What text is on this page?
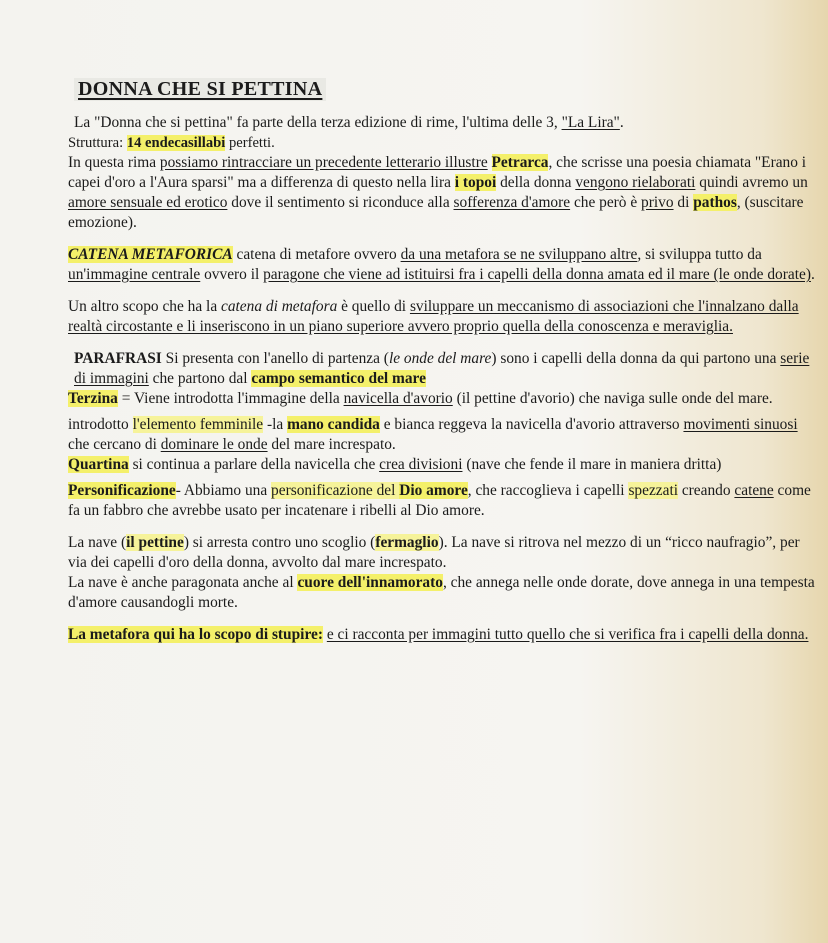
DONNA CHE SI PETTINA

La "Donna che si pettina" fa parte della terza edizione di rime, l'ultima delle 3, "La Lira".

Struttura: 14 endecasillabi perfetti.

In questa rima possiamo rintracciare un precedente letterario illustre Petrarca, che scrisse una poesia chiamata "Erano i capei d'oro a l'Aura sparsi" ma a differenza di questo nella lira i topoi della donna vengono rielaborati quindi avremo un amore sensuale ed erotico dove il sentimento si riconduce alla sofferenza d'amore che però è privo di pathos, (suscitare emozione).

CATENA METAFORICA catena di metafore ovvero da una metafora se ne sviluppano altre, si sviluppa tutto da un'immagine centrale ovvero il paragone che viene ad istituirsi fra i capelli della donna amata ed il mare (le onde dorate).

Un altro scopo che ha la catena di metafora è quello di sviluppare un meccanismo di associazioni che l'innalzano dalla realtà circostante e li inseriscono in un piano superiore avvero proprio quella della conoscenza e meraviglia.

PARAFRASI Si presenta con l'anello di partenza (le onde del mare) sono i capelli della donna da qui partono una serie di immagini che partono dal campo semantico del mare

Terzina = Viene introdotta l'immagine della navicella d'avorio (il pettine d'avorio) che naviga sulle onde del mare.

introdotto l'elemento femminile -la mano candida e bianca reggeva la navicella d'avorio attraverso movimenti sinuosi che cercano di dominare le onde del mare increspato.

Quartina si continua a parlare della navicella che crea divisioni (nave che fende il mare in maniera dritta)

Personificazione- Abbiamo una personificazione del Dio amore, che raccoglieva i capelli spezzati creando catene come fa un fabbro che avrebbe usato per incatenare i ribelli al Dio amore.

La nave (il pettine) si arresta contro uno scoglio (fermaglio). La nave si ritrova nel mezzo di un “ricco naufragio”, per via dei capelli d'oro della donna, avvolto dal mare increspato.

La nave è anche paragonata anche al cuore dell'innamorato, che annega nelle onde dorate, dove annega in una tempesta d'amore causandogli morte.

La metafora qui ha lo scopo di stupire: e ci racconta per immagini tutto quello che si verifica fra i capelli della donna.
